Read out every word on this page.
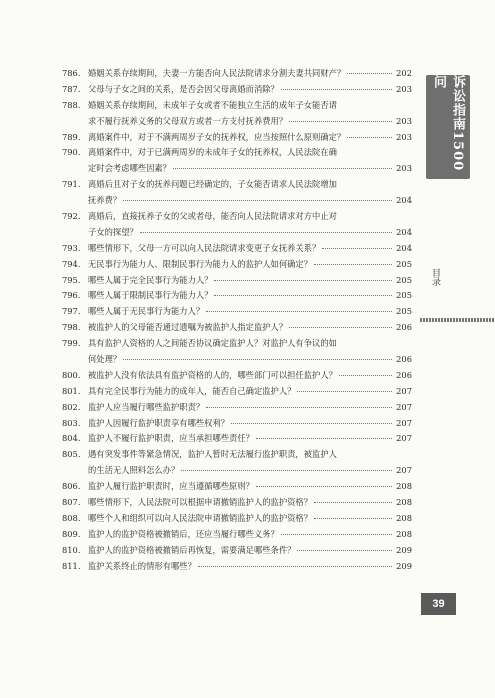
786. 婚姻关系存续期间，夫妻一方能否向人民法院请求分割夫妻共同财产？	202
787. 父母与子女之间的关系，是否会因父母离婚而消除？	203
788. 婚姻关系存续期间，未成年子女或者不能独立生活的成年子女能否请
求不履行抚养义务的父母双方或者一方支付抚养费用？	203
789. 离婚案件中，对于不满两周岁子女的抚养权，应当按照什么原则确定？	203
790. 离婚案件中，对于已满两周岁的未成年子女的抚养权，人民法院在确
定时会考虑哪些因素？	203
791. 离婚后且对子女的抚养问题已经确定的，子女能否请求人民法院增加
抚养费？	204
792. 离婚后，直接抚养子女的父或者母，能否向人民法院请求对方中止对
子女的探望？	204
793. 哪些情形下，父母一方可以向人民法院请求变更子女抚养关系？	204
794. 无民事行为能力人、限制民事行为能力人的监护人如何确定？	205
795. 哪些人属于完全民事行为能力人？	205
796. 哪些人属于限制民事行为能力人？	205
797. 哪些人属于无民事行为能力人？	205
798. 被监护人的父母能否通过遗嘱为被监护人指定监护人？	206
799. 具有监护人资格的人之间能否协议确定监护人？对监护人有争议的如
何处理？	206
800. 被监护人没有依法具有监护资格的人的，哪些部门可以担任监护人？	206
801. 具有完全民事行为能力的成年人，能否自己确定监护人？	207
802. 监护人应当履行哪些监护职责？	207
803. 监护人因履行监护职责享有哪些权利？	207
804. 监护人不履行监护职责，应当承担哪些责任？	207
805. 遇有突发事件等紧急情况，监护人暂时无法履行监护职责，被监护人
的生活无人照料怎么办？	207
806. 监护人履行监护职责时，应当遵循哪些原则？	208
807. 哪些情形下，人民法院可以根据申请撤销监护人的监护资格？	208
808. 哪些个人和组织可以向人民法院申请撤销监护人的监护资格？	208
809. 监护人的监护资格被撤销后，还应当履行哪些义务？	208
810. 监护人的监护资格被撤销后再恢复，需要满足哪些条件？	209
811. 监护关系终止的情形有哪些？	209
诉讼指南1500问
目录
39
